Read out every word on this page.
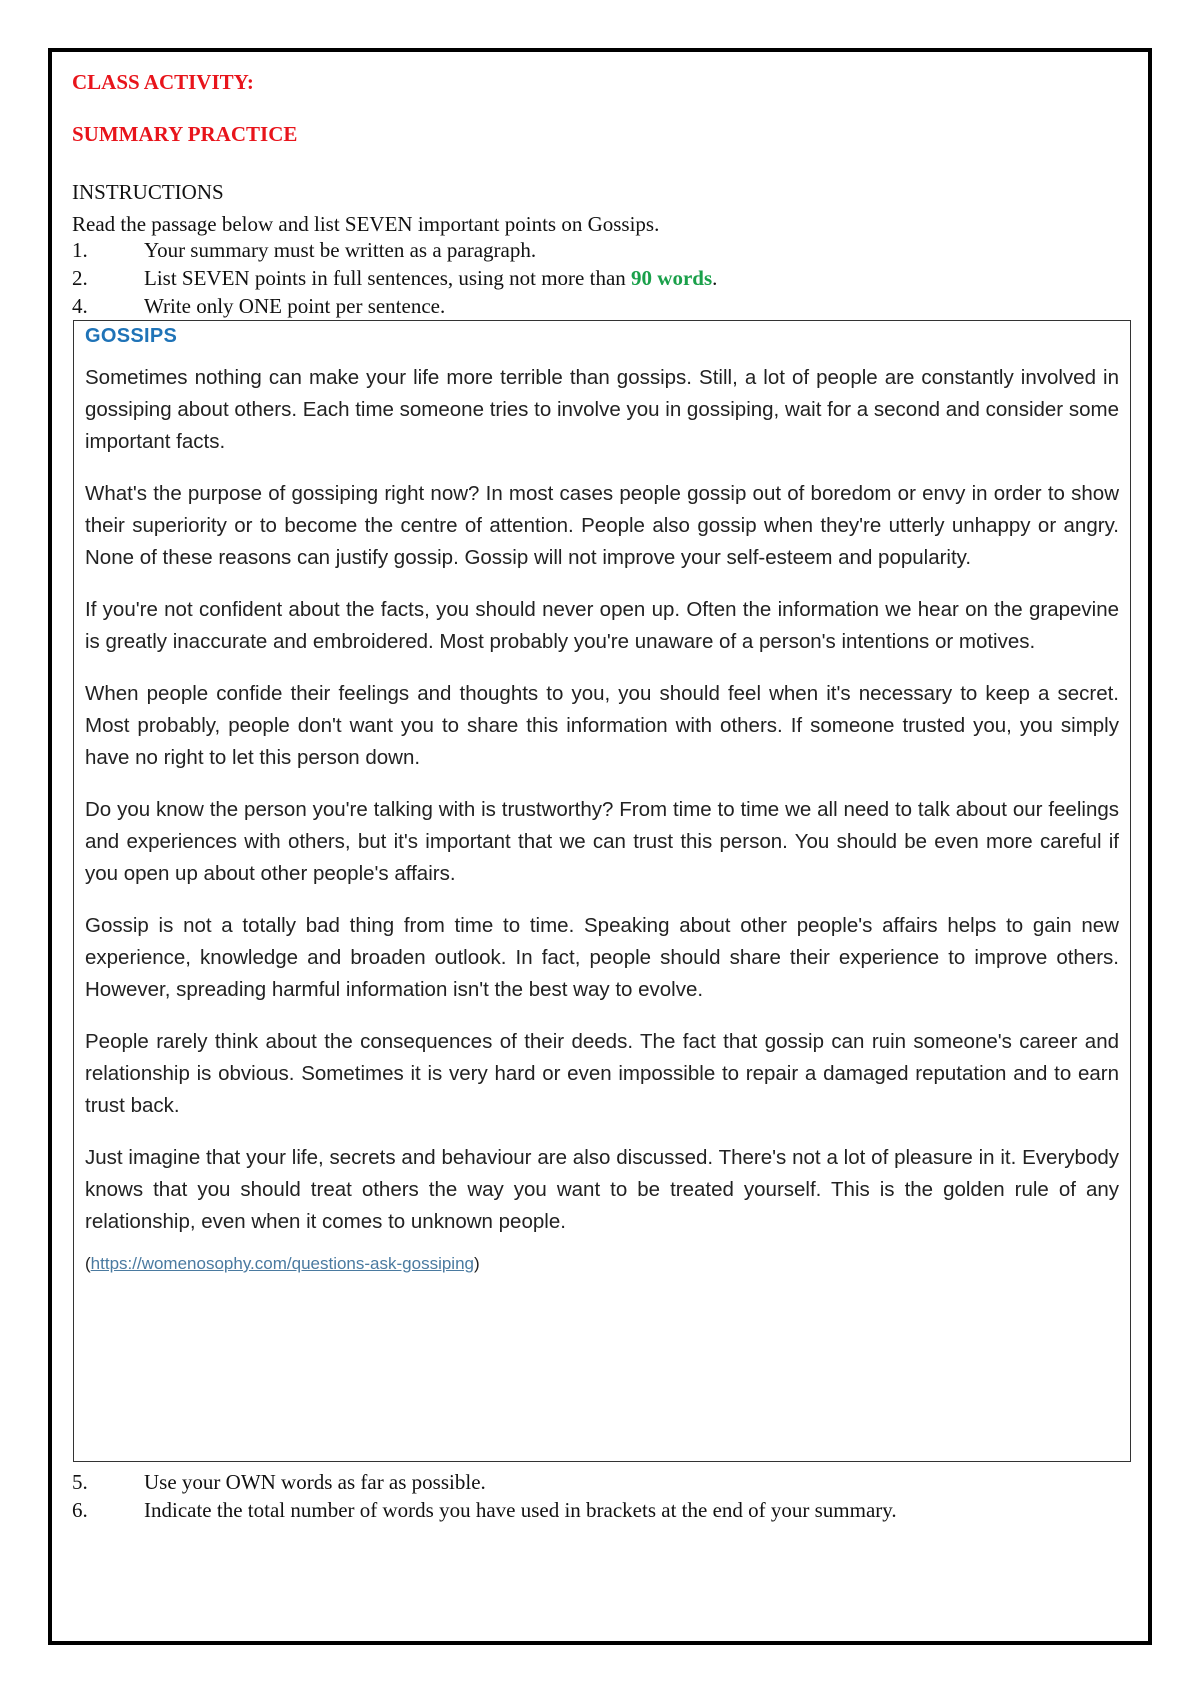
CLASS ACTIVITY:
SUMMARY PRACTICE
INSTRUCTIONS
Read the passage below and list SEVEN important points on Gossips.
1.	Your summary must be written as a paragraph.
2.	List SEVEN points in full sentences, using not more than 90 words.
4.	Write only ONE point per sentence.
GOSSIPS

Sometimes nothing can make your life more terrible than gossips. Still, a lot of people are constantly involved in gossiping about others. Each time someone tries to involve you in gossiping, wait for a second and consider some important facts.

What's the purpose of gossiping right now? In most cases people gossip out of boredom or envy in order to show their superiority or to become the centre of attention. People also gossip when they're utterly unhappy or angry. None of these reasons can justify gossip. Gossip will not improve your self-esteem and popularity.

If you're not confident about the facts, you should never open up. Often the information we hear on the grapevine is greatly inaccurate and embroidered. Most probably you're unaware of a person's intentions or motives.

When people confide their feelings and thoughts to you, you should feel when it's necessary to keep a secret. Most probably, people don't want you to share this information with others. If someone trusted you, you simply have no right to let this person down.

Do you know the person you're talking with is trustworthy? From time to time we all need to talk about our feelings and experiences with others, but it's important that we can trust this person. You should be even more careful if you open up about other people's affairs.

Gossip is not a totally bad thing from time to time. Speaking about other people's affairs helps to gain new experience, knowledge and broaden outlook. In fact, people should share their experience to improve others. However, spreading harmful information isn't the best way to evolve.

People rarely think about the consequences of their deeds. The fact that gossip can ruin someone's career and relationship is obvious. Sometimes it is very hard or even impossible to repair a damaged reputation and to earn trust back.

Just imagine that your life, secrets and behaviour are also discussed. There's not a lot of pleasure in it. Everybody knows that you should treat others the way you want to be treated yourself. This is the golden rule of any relationship, even when it comes to unknown people.

(https://womenosophy.com/questions-ask-gossiping)
5.	Use your OWN words as far as possible.
6.	Indicate the total number of words you have used in brackets at the end of your summary.
